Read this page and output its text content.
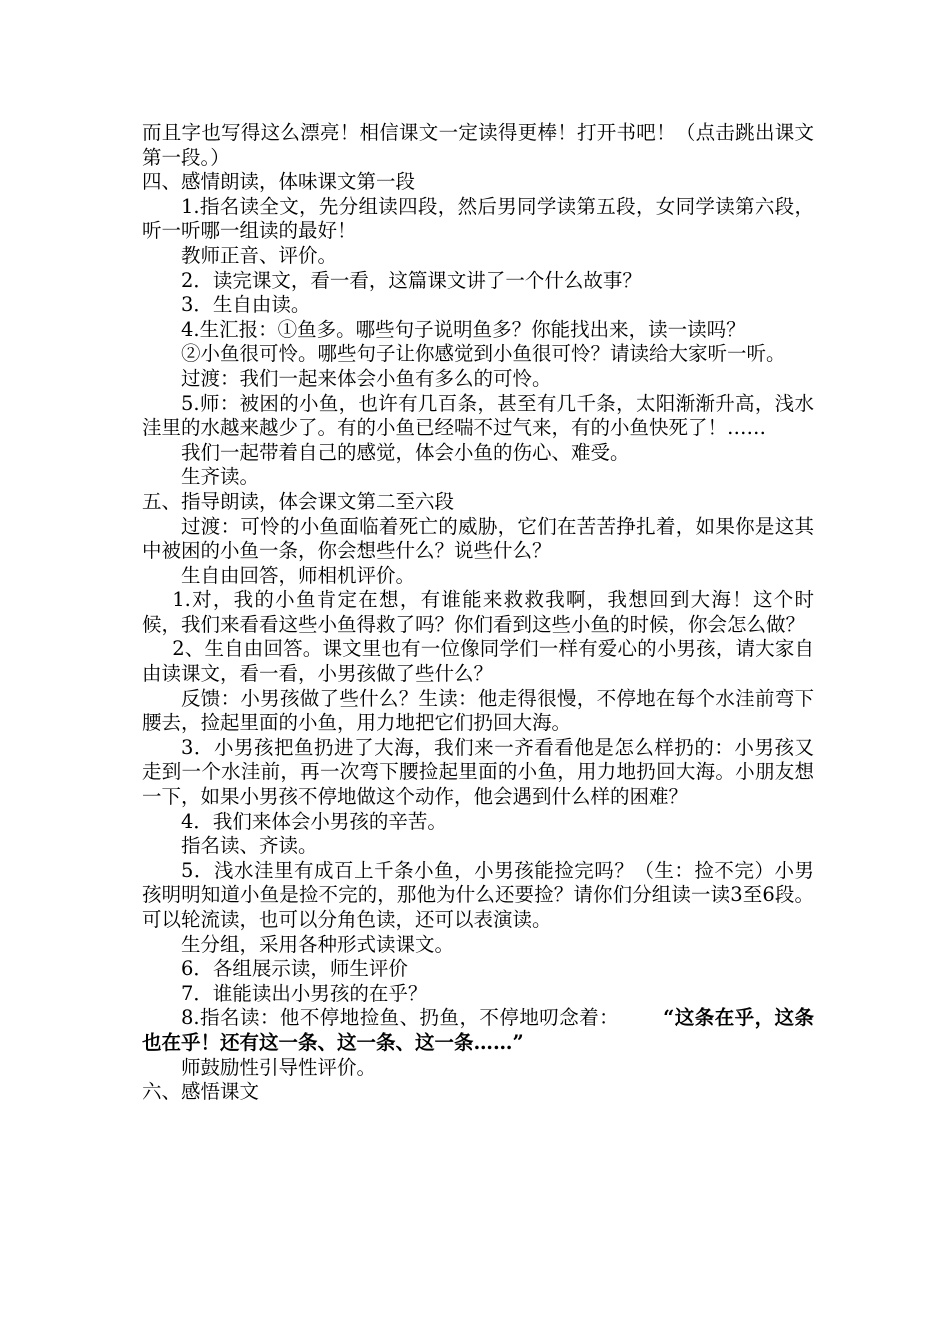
而且字也写得这么漂亮！相信课文一定读得更棒！打开书吧！（点击跳出课文第一段。）

四、感情朗读，体味课文第一段

1.指名读全文，先分组读四段，然后男同学读第五段，女同学读第六段，听一听哪一组读的最好！

教师正音、评价。

2．读完课文，看一看，这篇课文讲了一个什么故事？

3．生自由读。

4.生汇报：①鱼多。哪些句子说明鱼多？你能找出来，读一读吗？

②小鱼很可怜。哪些句子让你感觉到小鱼很可怜？请读给大家听一听。

过渡：我们一起来体会小鱼有多么的可怜。

5.师：被困的小鱼，也许有几百条，甚至有几千条，太阳渐渐升高，浅水洼里的水越来越少了。有的小鱼已经喘不过气来，有的小鱼快死了！……

我们一起带着自己的感觉，体会小鱼的伤心、难受。

生齐读。

五、指导朗读，体会课文第二至六段

过渡：可怜的小鱼面临着死亡的威胁，它们在苦苦挣扎着，如果你是这其中被困的小鱼一条，你会想些什么？说些什么？

生自由回答，师相机评价。

1.对，我的小鱼肯定在想，有谁能来救救我啊，我想回到大海！这个时候，我们来看看这些小鱼得救了吗？你们看到这些小鱼的时候，你会怎么做？

2、生自由回答。课文里也有一位像同学们一样有爱心的小男孩，请大家自由读课文，看一看，小男孩做了些什么？

反馈：小男孩做了些什么？生读：他走得很慢，不停地在每个水洼前弯下腰去，捡起里面的小鱼，用力地把它们扔回大海。

3．小男孩把鱼扔进了大海，我们来一齐看看他是怎么样扔的：小男孩又走到一个水洼前，再一次弯下腰捡起里面的小鱼，用力地扔回大海。小朋友想一下，如果小男孩不停地做这个动作，他会遇到什么样的困难？

4．我们来体会小男孩的辛苦。

指名读、齐读。

5．浅水洼里有成百上千条小鱼，小男孩能捡完吗？（生：捡不完）小男孩明明知道小鱼是捡不完的，那他为什么还要捡？请你们分组读一读3至6段。可以轮流读，也可以分角色读，还可以表演读。

生分组，采用各种形式读课文。

6．各组展示读，师生评价

7．谁能读出小男孩的在乎？

8.指名读：他不停地捡鱼、扔鱼，不停地叨念着： “这条在乎，这条也在乎！还有这一条、这一条、这一条……”

师鼓励性引导性评价。

六、感悟课文
